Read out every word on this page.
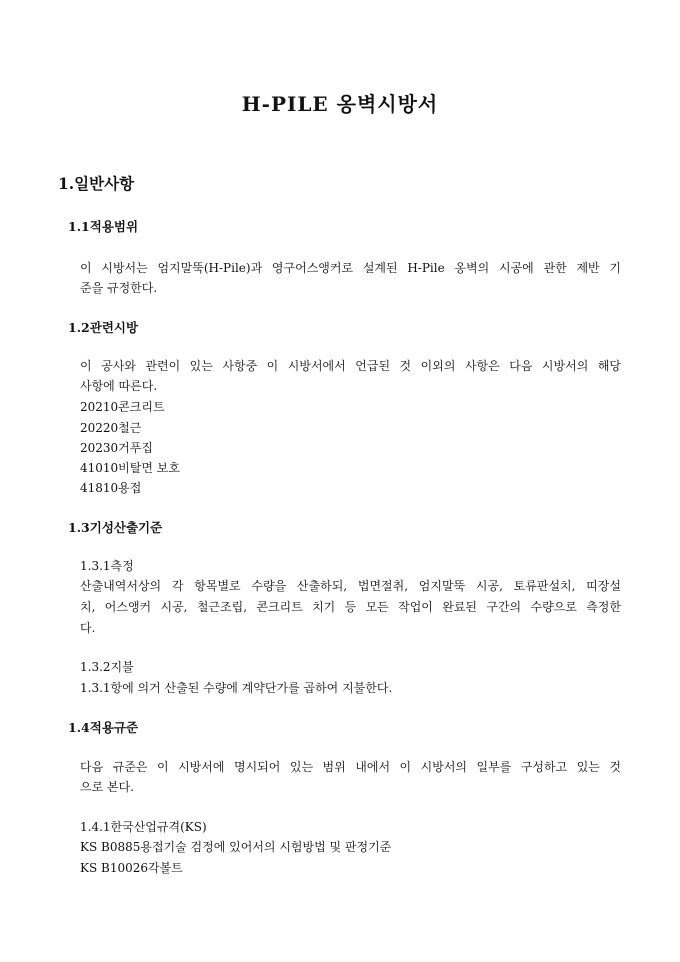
H-PILE 옹벽시방서
1.일반사항
1.1적용범위
이 시방서는 엄지말뚝(H-Pile)과 영구어스앵커로 설계된 H-Pile 옹벽의 시공에 관한 제반 기
준을 규정한다.
1.2관련시방
이 공사와 관련이 있는 사항중 이 시방서에서 언급된 것 이외의 사항은 다음 시방서의 해당
사항에 따른다.
20210콘크리트
20220철근
20230거푸집
41010비탈면 보호
41810용접
1.3기성산출기준
1.3.1측정
산출내역서상의 각 항목별로 수량을 산출하되, 법면절취, 엄지말뚝 시공, 토류판설치, 띠장설
치, 어스앵커 시공, 철근조립, 콘크리트 치기 등 모든 작업이 완료된 구간의 수량으로 측정한
다.
1.3.2지불
1.3.1항에 의거 산출된 수량에 계약단가를 곱하여 지불한다.
1.4적용규준
다음 규준은 이 시방서에 명시되어 있는 범위 내에서 이 시방서의 일부를 구성하고 있는 것
으로 본다.
1.4.1한국산업규격(KS)
KS B0885용접기술 검정에 있어서의 시험방법 및 판정기준
KS B10026각볼트
